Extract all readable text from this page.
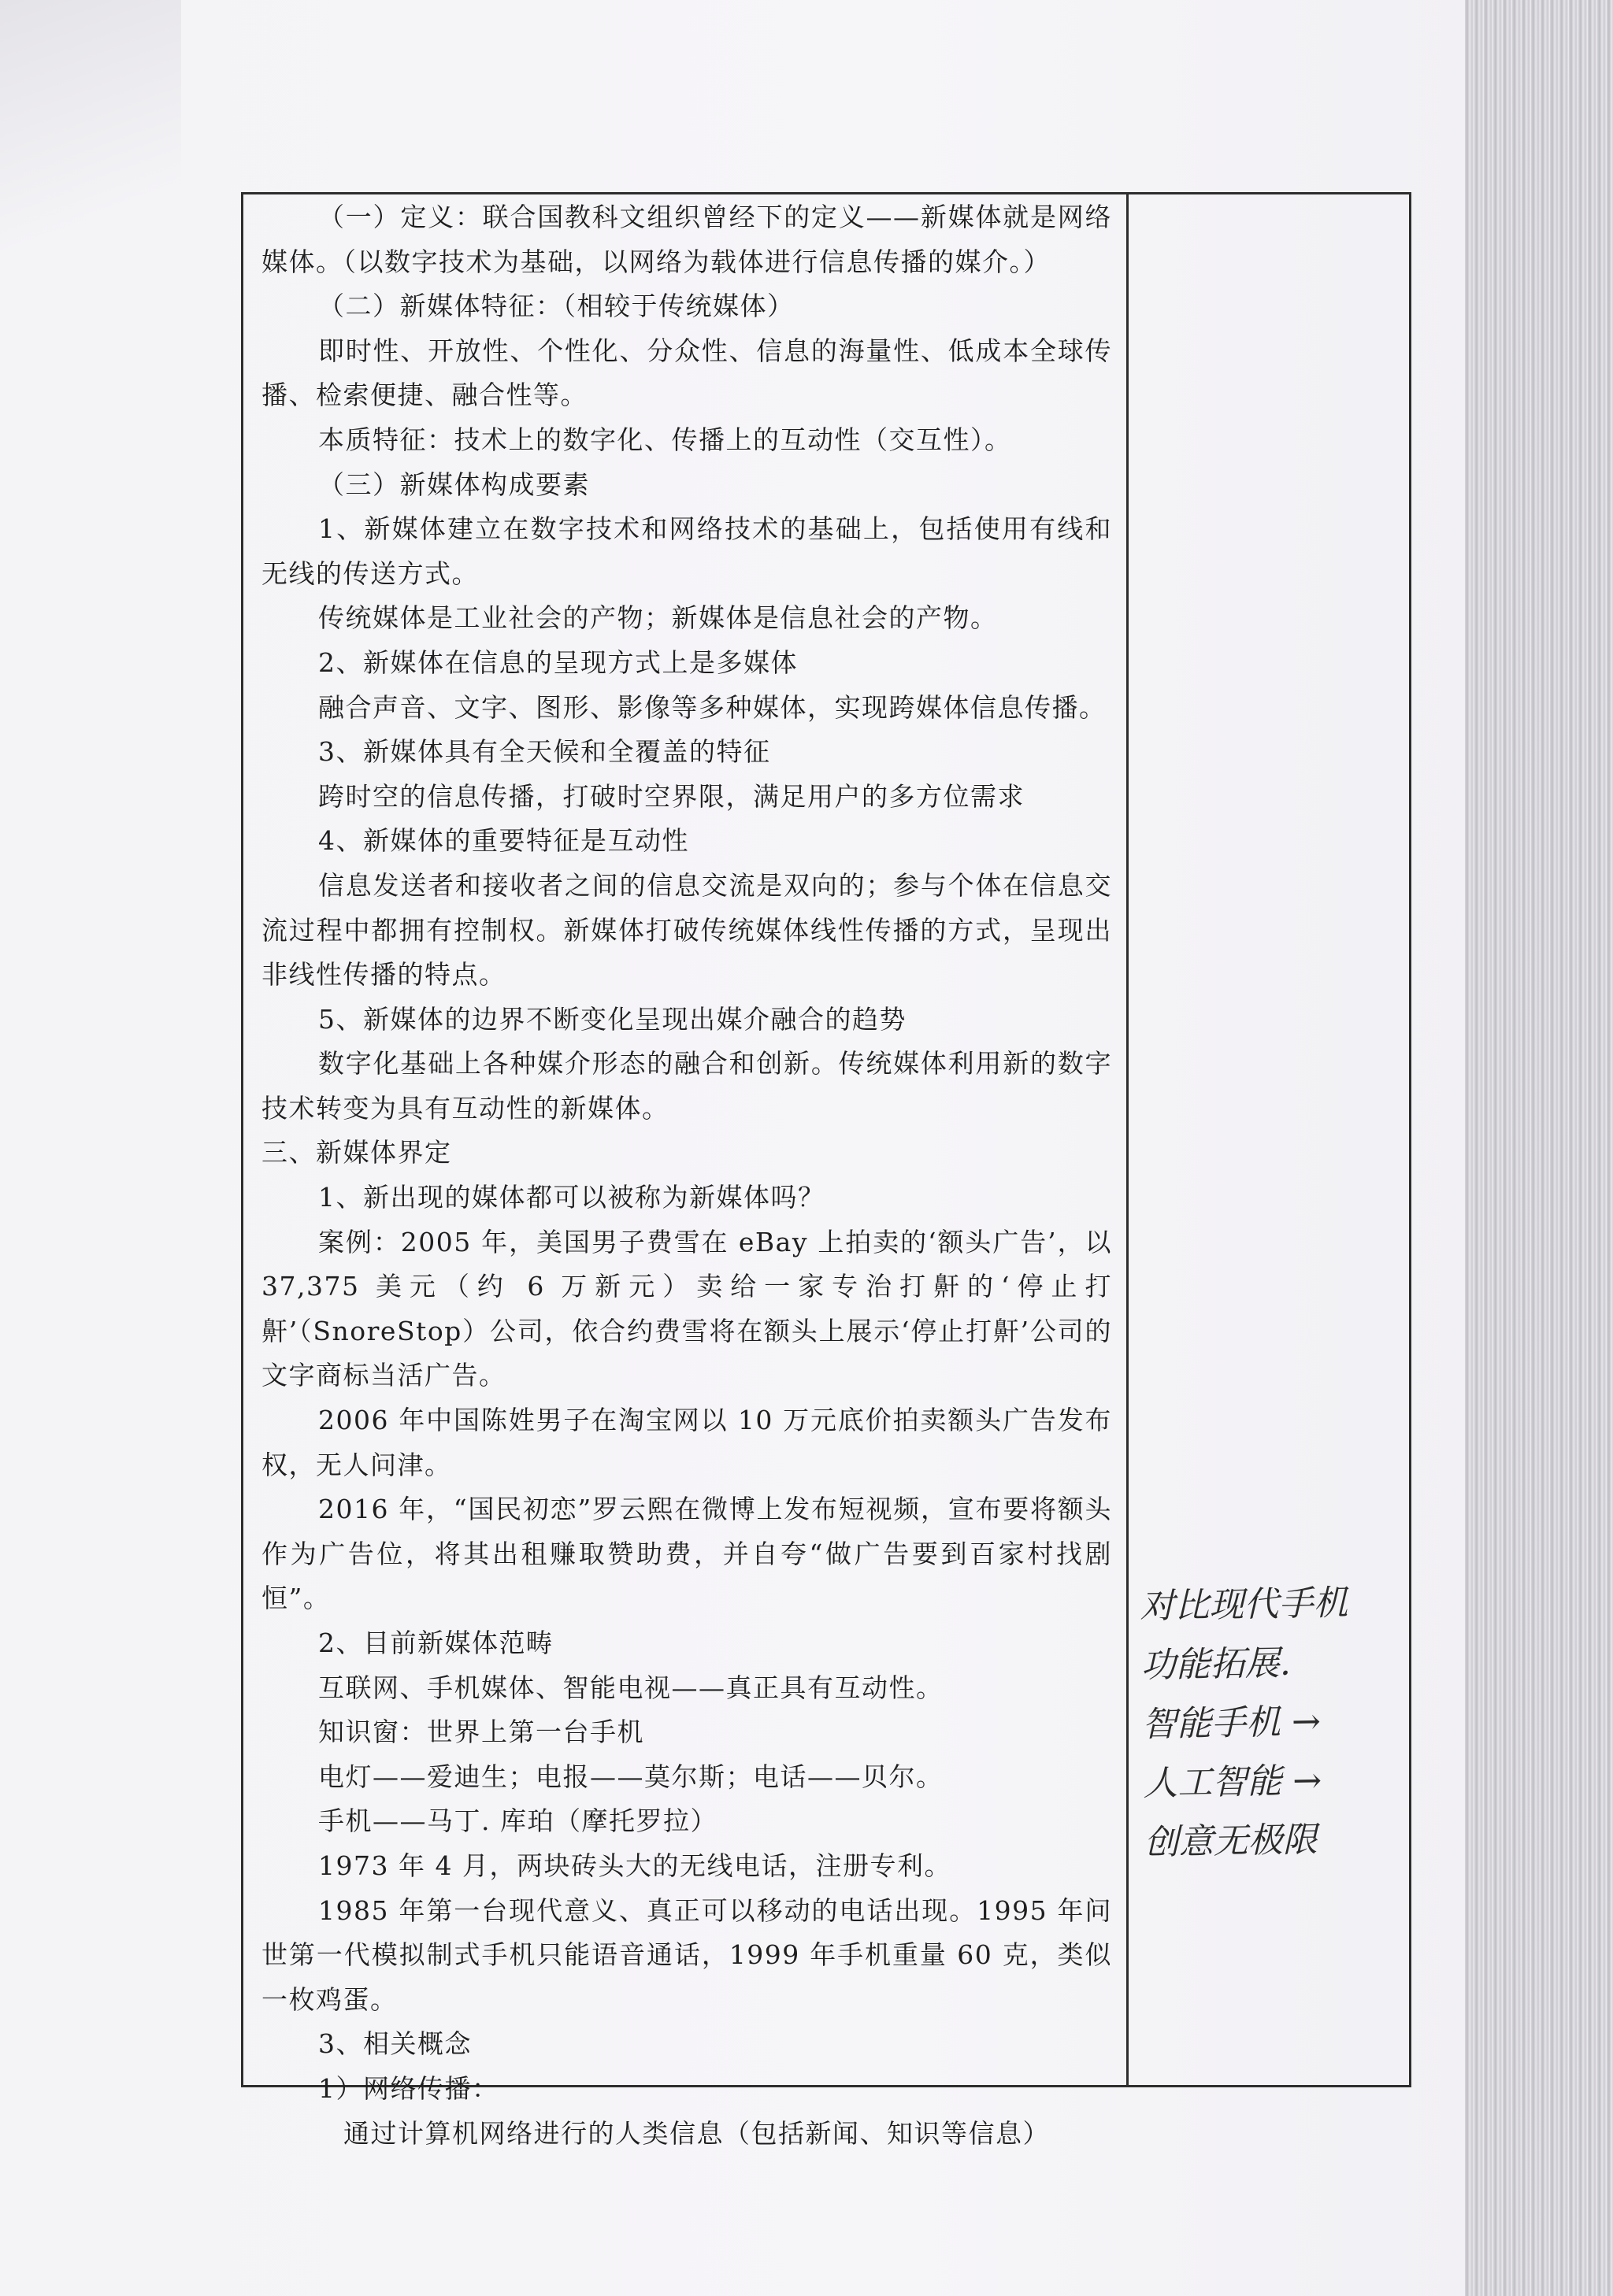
（一）定义：联合国教科文组织曾经下的定义——新媒体就是网络媒体。（以数字技术为基础，以网络为载体进行信息传播的媒介。）

（二）新媒体特征：（相较于传统媒体）

即时性、开放性、个性化、分众性、信息的海量性、低成本全球传播、检索便捷、融合性等。

本质特征：技术上的数字化、传播上的互动性（交互性）。

（三）新媒体构成要素

1、新媒体建立在数字技术和网络技术的基础上，包括使用有线和无线的传送方式。

传统媒体是工业社会的产物；新媒体是信息社会的产物。

2、新媒体在信息的呈现方式上是多媒体

融合声音、文字、图形、影像等多种媒体，实现跨媒体信息传播。

3、新媒体具有全天候和全覆盖的特征

跨时空的信息传播，打破时空界限，满足用户的多方位需求

4、新媒体的重要特征是互动性

信息发送者和接收者之间的信息交流是双向的；参与个体在信息交流过程中都拥有控制权。新媒体打破传统媒体线性传播的方式，呈现出非线性传播的特点。

5、新媒体的边界不断变化呈现出媒介融合的趋势

数字化基础上各种媒介形态的融合和创新。传统媒体利用新的数字技术转变为具有互动性的新媒体。

三、新媒体界定

1、新出现的媒体都可以被称为新媒体吗？

案例：2005 年，美国男子费雪在 eBay 上拍卖的‘额头广告’，以 37,375 美元（约 6 万新元）卖给一家专治打鼾的‘停止打鼾’（SnoreStop）公司，依合约费雪将在额头上展示‘停止打鼾’公司的文字商标当活广告。

2006 年中国陈姓男子在淘宝网以 10 万元底价拍卖额头广告发布权，无人问津。

2016 年，“国民初恋”罗云熙在微博上发布短视频，宣布要将额头作为广告位，将其出租赚取赞助费，并自夸“做广告要到百家村找剧恒”。

2、目前新媒体范畴

互联网、手机媒体、智能电视——真正具有互动性。

知识窗：世界上第一台手机

电灯——爱迪生；电报——莫尔斯；电话——贝尔。

手机——马丁. 库珀（摩托罗拉）

1973 年 4 月，两块砖头大的无线电话，注册专利。

1985 年第一台现代意义、真正可以移动的电话出现。1995 年问世第一代模拟制式手机只能语音通话，1999 年手机重量 60 克，类似一枚鸡蛋。

3、相关概念

1）网络传播：

通过计算机网络进行的人类信息（包括新闻、知识等信息）

对比现代手机
功能拓展.
智能手机 →
人工智能 →
创意无极限
